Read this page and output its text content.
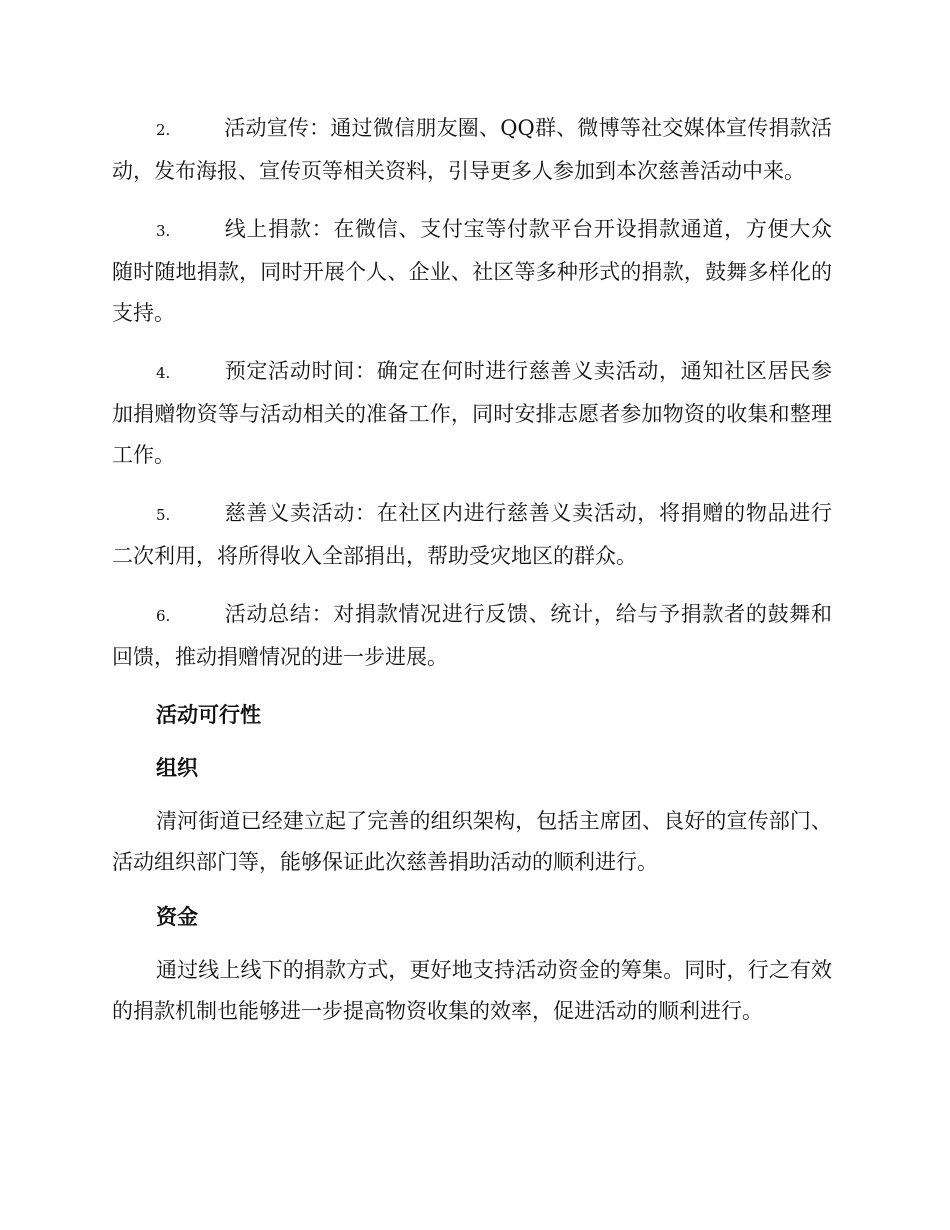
2.	活动宣传：通过微信朋友圈、QQ群、微博等社交媒体宣传捐款活动，发布海报、宣传页等相关资料，引导更多人参加到本次慈善活动中来。

3.	线上捐款：在微信、支付宝等付款平台开设捐款通道，方便大众随时随地捐款，同时开展个人、企业、社区等多种形式的捐款，鼓舞多样化的支持。

4.	预定活动时间：确定在何时进行慈善义卖活动，通知社区居民参加捐赠物资等与活动相关的准备工作，同时安排志愿者参加物资的收集和整理工作。

5.	慈善义卖活动：在社区内进行慈善义卖活动，将捐赠的物品进行二次利用，将所得收入全部捐出，帮助受灾地区的群众。

6.	活动总结：对捐款情况进行反馈、统计，给与予捐款者的鼓舞和回馈，推动捐赠情况的进一步进展。

活动可行性
组织

清河街道已经建立起了完善的组织架构，包括主席团、良好的宣传部门、活动组织部门等，能够保证此次慈善捐助活动的顺利进行。

资金

通过线上线下的捐款方式，更好地支持活动资金的筹集。同时，行之有效的捐款机制也能够进一步提高物资收集的效率，促进活动的顺利进行。
